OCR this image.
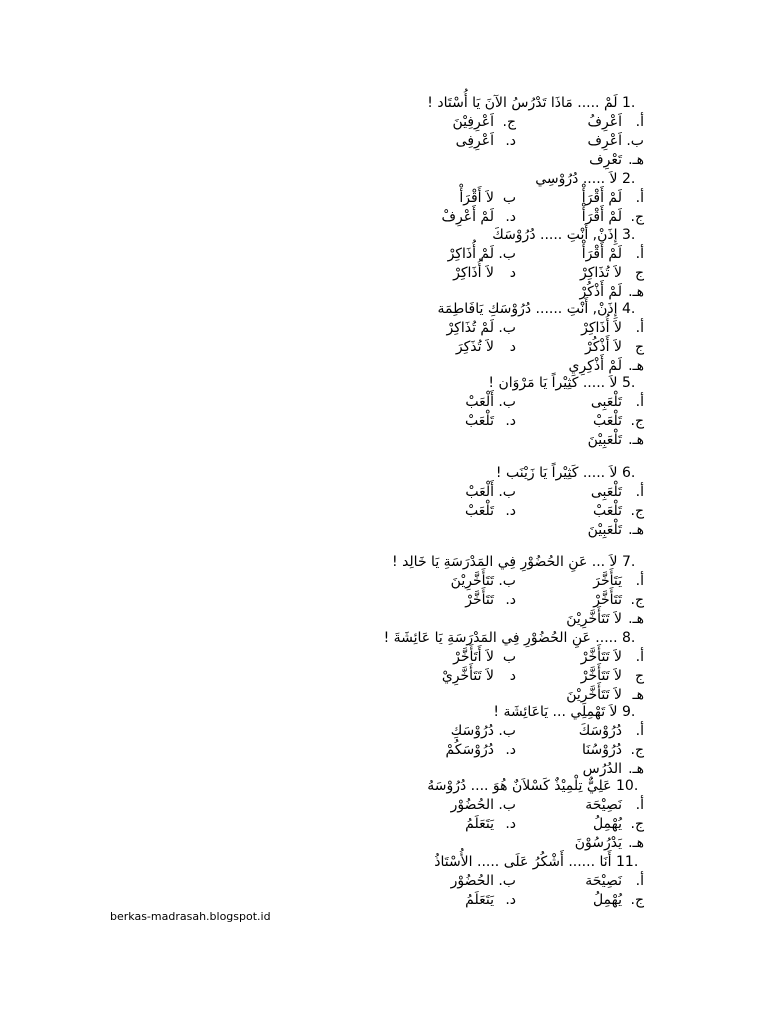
1. لَمْ ..... مَاذَا تَدْرُسُ الآنَ يَا أُسْتَاد !
أ.اَعْرِفُج.اَعْرِفِيْنَ
ب.اَعْرِفد.اَعْرِفِى
هـ.تَعْرِف
2. لاَ ..... دُرُوْسِي
أ.لَمْ أَقْرَأْبلاَ أَقْرَأْ
ج.لَمْ أَقْرَأْد.لَمْ أَعْرِفْ
3. إِذَنْ, أَنْتِ ..... دُرُوْسَكَ
أ.لَمْ أَقْرَأْب.لَمْ أُذَاكِرْ
جلاَ تُذَاكِرْدلاَ أُذَاكِرْ
هـ.لَمْ أَذْكُرْ
4. إِذَنْ, أَنْتِ ...... دُرُوْسَكِ يَافَاطِمَة
أ.لاَ أُذَاكِرْب.لَمْ تُذَاكِرْ
جلاَ أَذْكُرْدلاَ تُذَكِرَ
هـ.لَمْ أَذْكِرِي
5. لاَ ..... كَثِيْراً يَا مَرْوَان !
أ.تَلْعَبِىب.أَلْعَبْ
ج.تَلْعَبْد.تَلْعَبْ
هـ.تَلْعَبِيْنَ
6. لاَ ..... كَثِيْراً يَا زَيْنَب !
أ.تَلْعَبِىب.أَلْعَبْ
ج.تَلْعَبْد.تَلْعَبْ
هـ.تَلْعَبِيْنَ
7. لاَ ... عَنِ الحُضُوْرِ فِي المَدْرَسَةِ يَا خَالِد !
أ.يَتَأَخَّرَب.تَتَأَخَّرِيْنَ
ج.تَتَأَخَّرْد.تَتَأَخَّرْ
هـ.لاَ تَتَأَخَّرِيْنَ
8. ..... عَنِ الحُضُوْرِ فِي المَدْرَسَةِ يَا عَائِشَةَ !
أ.لاَ تَتَأَخَّرْبلاَ أَتَأَخَّرْ
جلاَ تَتَأَخَّرْدلاَ تَتَأَخَّرِيْ
هـلاَ تَتَأَخَّرِيْنَ
9. لاَ تَهْمِلِي ... يَاعَائِشَة !
أ.دُرُوْسَكَب.دُرُوْسَكِ
ج.دُرُوْسُنَاد.دُرُوْسَكُمْ
هـ.الدُرُس
10. عَلِيٌّ تِلْمِيْذٌ كَسْلاَنٌ هُوَ .... دُرُوْسَهُ
أ.نَصِيْحَةب.الحُضُوْر
ج.يُهْمِلُد.يَتَعَلَمُ
هـ.يَدْرُسُوْنَ
11. أَنَا ...... أَشْكُرُ عَلَى ..... الأُسْتَاذُ
أ.نَصِيْحَةب.الحُضُوْر
ج.يُهْمِلُد.يَتَعَلَمُ
berkas-madrasah.blogspot.id
